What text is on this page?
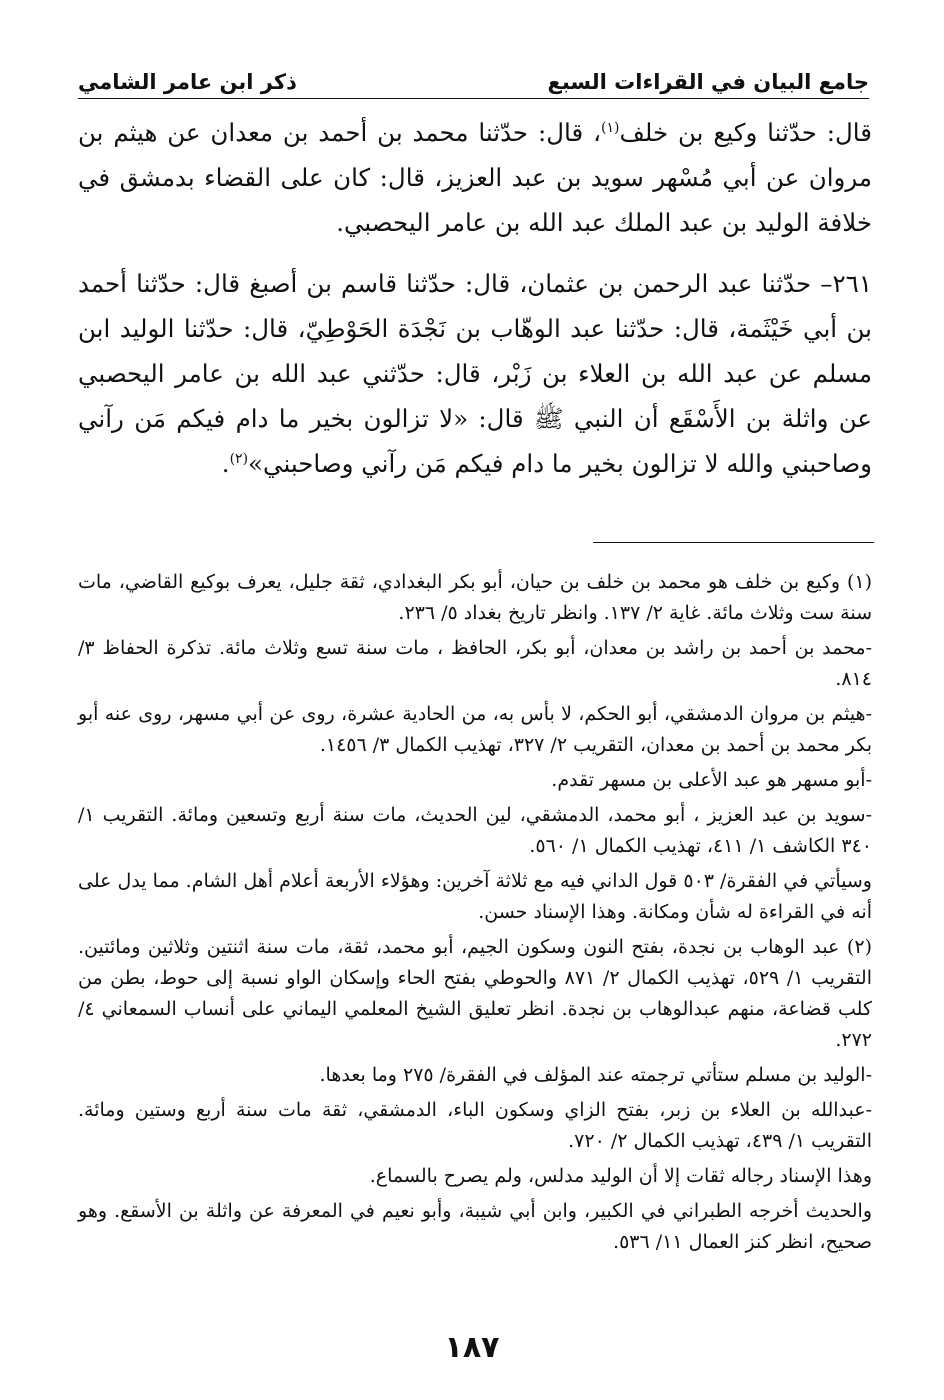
جامع البيان في القراءات السبع
ذكر ابن عامر الشامي

قال: حدّثنا وكيع بن خلف$^{(١)}$، قال: حدّثنا محمد بن أحمد بن معدان عن هيثم بن مروان عن أبي مُسْهر سويد بن عبد العزيز، قال: كان على القضاء بدمشق في خلافة الوليد بن عبد الملك عبد الله بن عامر اليحصبي.

٢٦١– حدّثنا عبد الرحمن بن عثمان، قال: حدّثنا قاسم بن أصبغ قال: حدّثنا أحمد بن أبي خَيْثَمة، قال: حدّثنا عبد الوهّاب بن نَجْدَة الحَوْطِيّ، قال: حدّثنا الوليد ابن مسلم عن عبد الله بن العلاء بن زَبْر، قال: حدّثني عبد الله بن عامر اليحصبي عن واثلة بن الأَسْقَع أن النبي ﷺ قال: «لا تزالون بخير ما دام فيكم مَن رآني وصاحبني والله لا تزالون بخير ما دام فيكم مَن رآني وصاحبني»$^{(٢)}$.

(١) وكيع بن خلف هو محمد بن خلف بن حيان، أبو بكر البغدادي، ثقة جليل، يعرف بوكيع القاضي، مات سنة ست وثلاث مائة. غاية ٢/ ١٣٧. وانظر تاريخ بغداد ٥/ ٢٣٦.

-محمد بن أحمد بن راشد بن معدان، أبو بكر، الحافظ ، مات سنة تسع وثلاث مائة. تذكرة الحفاظ ٣/ ٨١٤.

-هيثم بن مروان الدمشقي، أبو الحكم، لا بأس به، من الحادية عشرة، روى عن أبي مسهر، روى عنه أبو بكر محمد بن أحمد بن معدان، التقريب ٢/ ٣٢٧، تهذيب الكمال ٣/ ١٤٥٦.

-أبو مسهر هو عبد الأعلى بن مسهر تقدم.

-سويد بن عبد العزيز ، أبو محمد، الدمشقي، لين الحديث، مات سنة أربع وتسعين ومائة. التقريب ١/ ٣٤٠ الكاشف ١/ ٤١١، تهذيب الكمال ١/ ٥٦٠.

وسيأتي في الفقرة/ ٥٠٣ قول الداني فيه مع ثلاثة آخرين: وهؤلاء الأربعة أعلام أهل الشام. مما يدل على أنه في القراءة له شأن ومكانة. وهذا الإسناد حسن.

(٢) عبد الوهاب بن نجدة، بفتح النون وسكون الجيم، أبو محمد، ثقة، مات سنة اثنتين وثلاثين ومائتين. التقريب ١/ ٥٢٩، تهذيب الكمال ٢/ ٨٧١ والحوطي بفتح الحاء وإسكان الواو نسبة إلى حوط، بطن من كلب قضاعة، منهم عبدالوهاب بن نجدة. انظر تعليق الشيخ المعلمي اليماني على أنساب السمعاني ٤/ ٢٧٢.

-الوليد بن مسلم ستأتي ترجمته عند المؤلف في الفقرة/ ٢٧٥ وما بعدها.

-عبدالله بن العلاء بن زبر، بفتح الزاي وسكون الباء، الدمشقي، ثقة مات سنة أربع وستين ومائة. التقريب ١/ ٤٣٩، تهذيب الكمال ٢/ ٧٢٠.

وهذا الإسناد رجاله ثقات إلا أن الوليد مدلس، ولم يصرح بالسماع.

والحديث أخرجه الطبراني في الكبير، وابن أبي شيبة، وأبو نعيم في المعرفة عن واثلة بن الأسقع. وهو صحيح، انظر كنز العمال ١١/ ٥٣٦.

١٨٧
